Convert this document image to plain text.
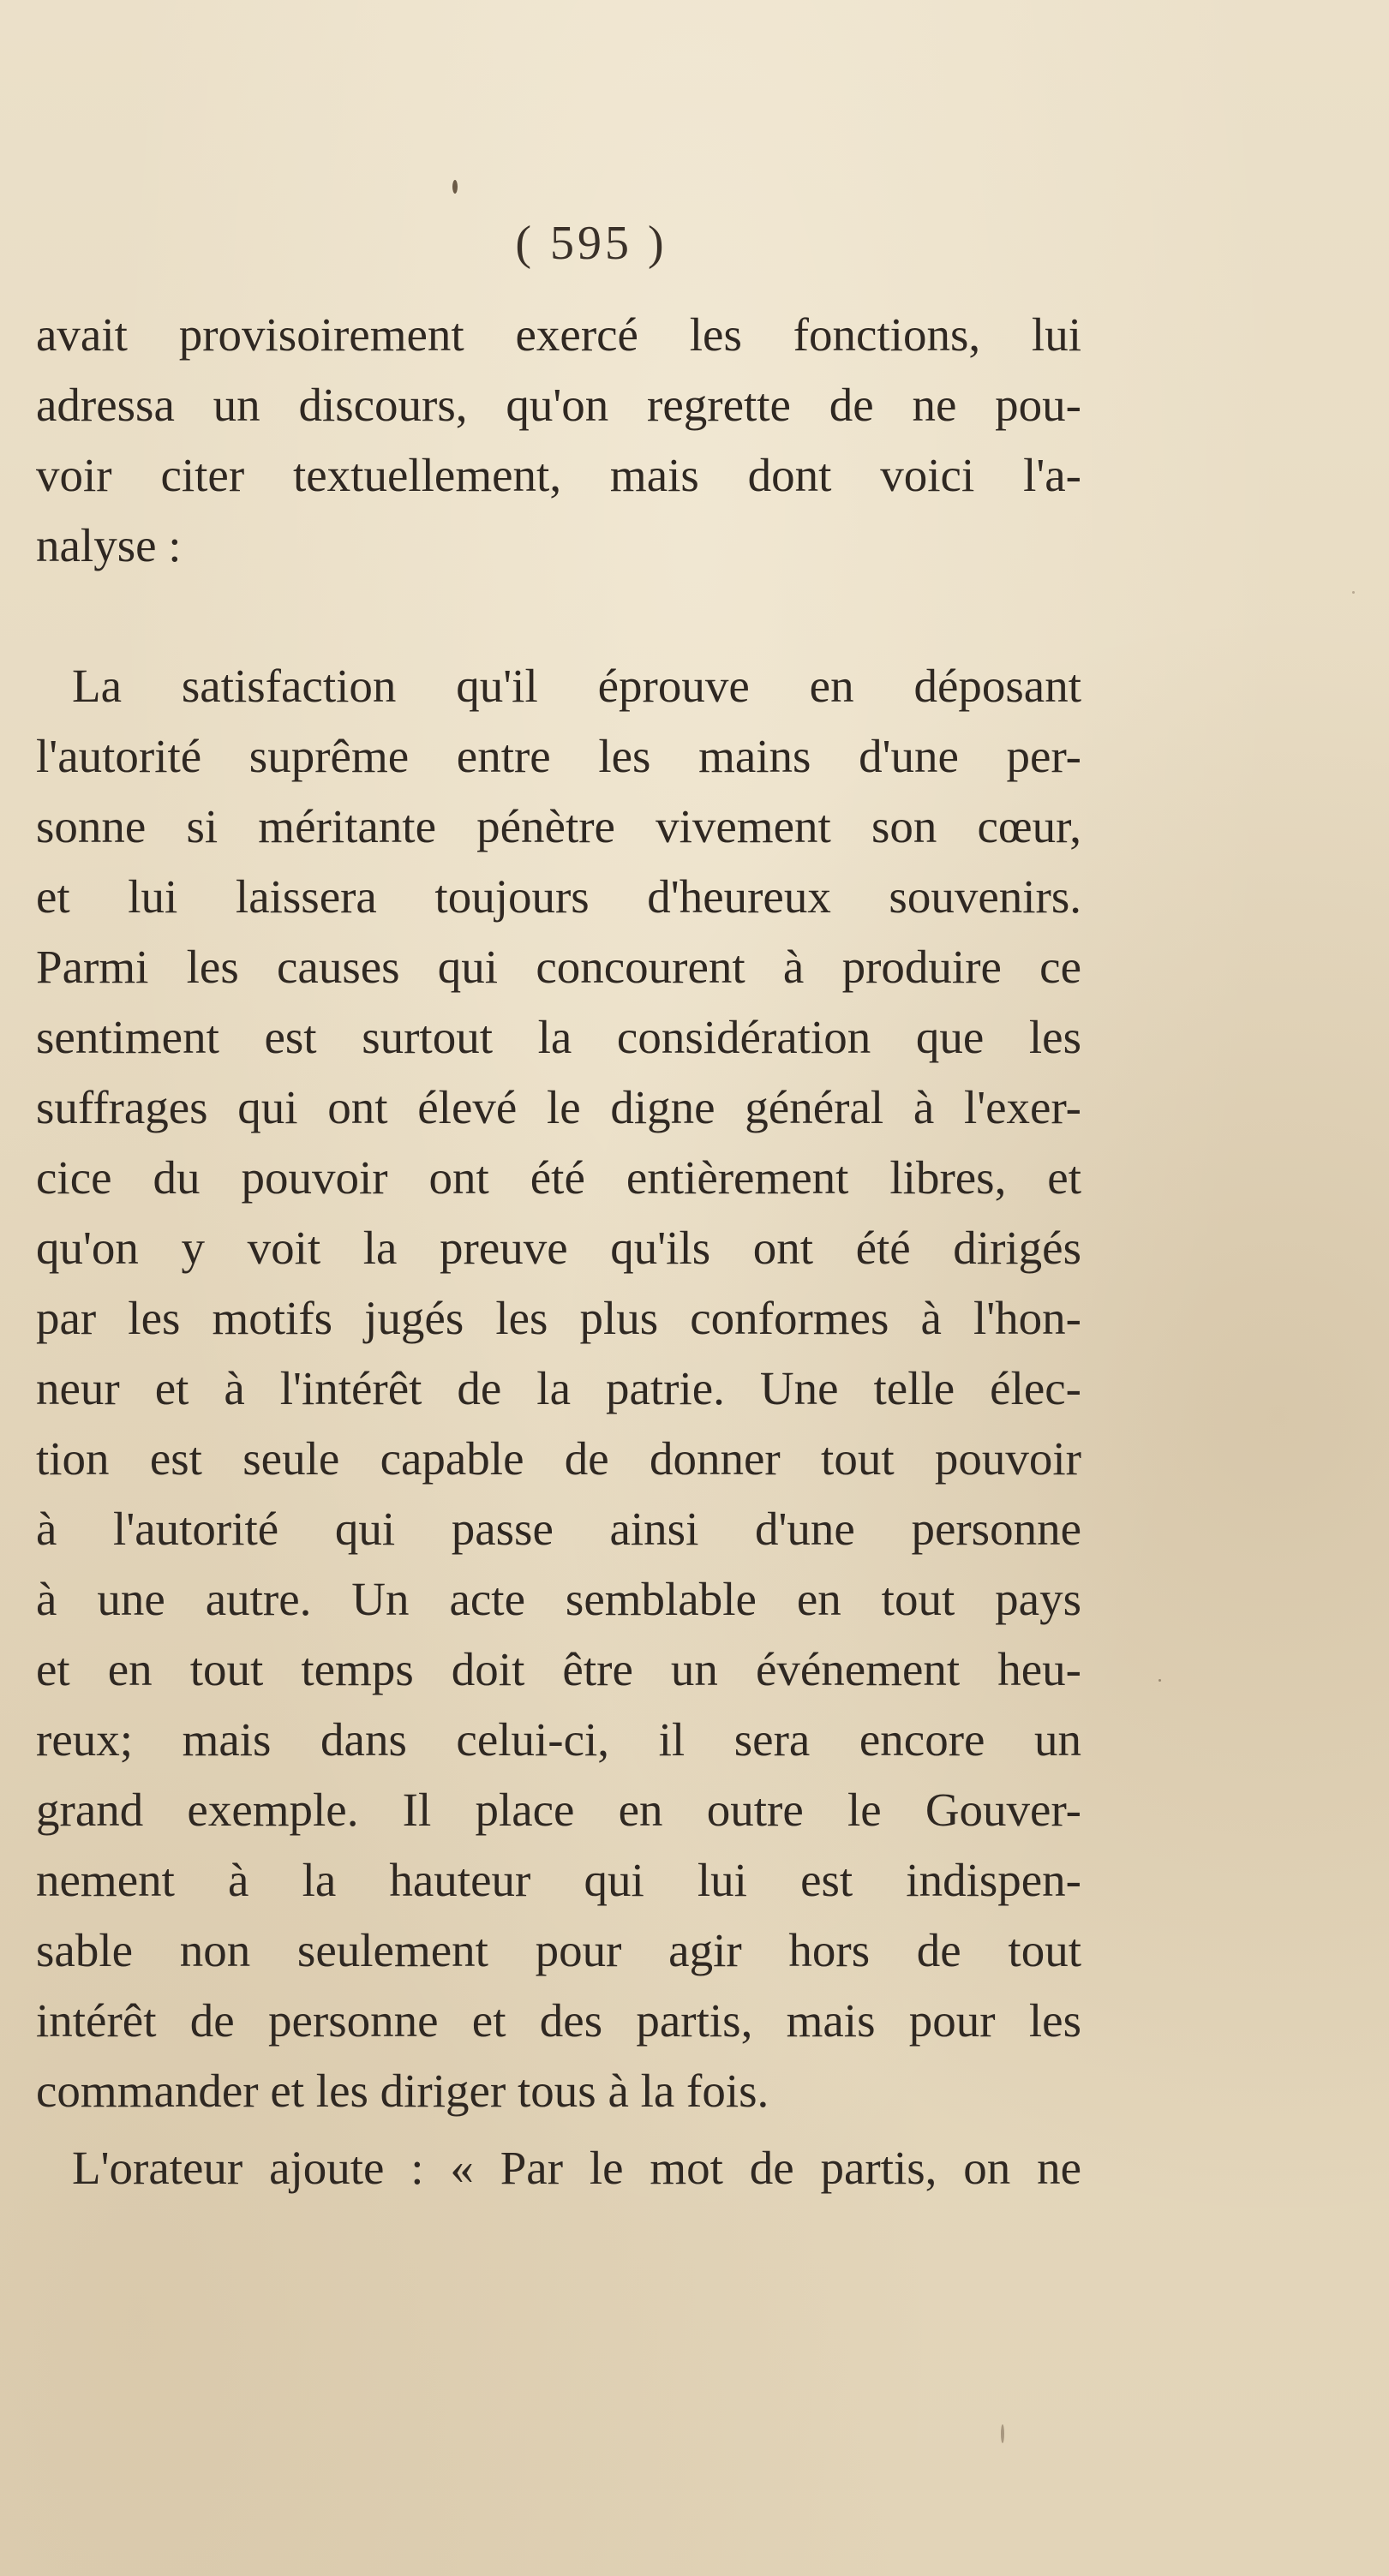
( 595 )
avait provisoirement exercé les fonctions, lui
adressa un discours, qu'on regrette de ne pou-
voir citer textuellement, mais dont voici l'a-
nalyse :
La satisfaction qu'il éprouve en déposant
l'autorité suprême entre les mains d'une per-
sonne si méritante pénètre vivement son cœur,
et lui laissera toujours d'heureux souvenirs.
Parmi les causes qui concourent à produire ce
sentiment est surtout la considération que les
suffrages qui ont élevé le digne général à l'exer-
cice du pouvoir ont été entièrement libres, et
qu'on y voit la preuve qu'ils ont été dirigés
par les motifs jugés les plus conformes à l'hon-
neur et à l'intérêt de la patrie. Une telle élec-
tion est seule capable de donner tout pouvoir
à l'autorité qui passe ainsi d'une personne
à une autre. Un acte semblable en tout pays
et en tout temps doit être un événement heu-
reux; mais dans celui-ci, il sera encore un
grand exemple. Il place en outre le Gouver-
nement à la hauteur qui lui est indispen-
sable non seulement pour agir hors de tout
intérêt de personne et des partis, mais pour les
commander et les diriger tous à la fois.
L'orateur ajoute : « Par le mot de partis, on ne
